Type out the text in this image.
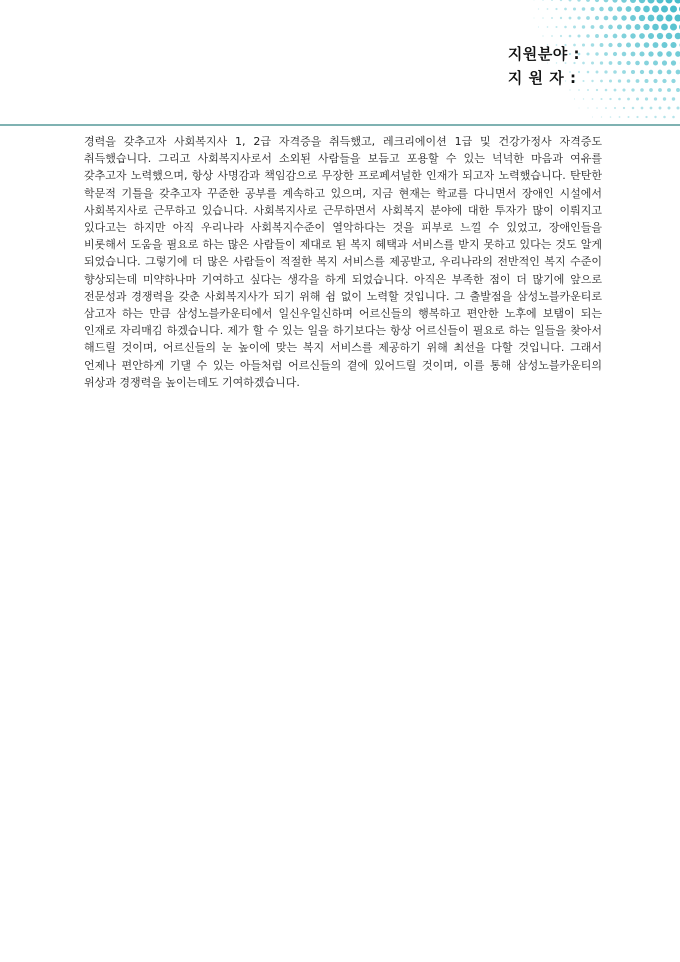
지원분야 :
지 원 자 :

경력을 갖추고자 사회복지사 1, 2급 자격증을 취득했고, 레크리에이션 1급 및 건강가정사 자격증도 취득했습니다. 그리고 사회복지사로서 소외된 사람들을 보듬고 포용할 수 있는 넉넉한 마음과 여유를 갖추고자 노력했으며, 항상 사명감과 책임감으로 무장한 프로페셔널한 인재가 되고자 노력했습니다. 탄탄한 학문적 기틀을 갖추고자 꾸준한 공부를 계속하고 있으며, 지금 현재는 학교를 다니면서 장애인 시설에서 사회복지사로 근무하고 있습니다. 사회복지사로 근무하면서 사회복지 분야에 대한 투자가 많이 이뤄지고 있다고는 하지만 아직 우리나라 사회복지수준이 열악하다는 것을 피부로 느낄 수 있었고, 장애인들을 비롯해서 도움을 필요로 하는 많은 사람들이 제대로 된 복지 혜택과 서비스를 받지 못하고 있다는 것도 알게 되었습니다. 그렇기에 더 많은 사람들이 적절한 복지 서비스를 제공받고, 우리나라의 전반적인 복지 수준이 향상되는데 미약하나마 기여하고 싶다는 생각을 하게 되었습니다. 아직은 부족한 점이 더 많기에 앞으로 전문성과 경쟁력을 갖춘 사회복지사가 되기 위해 쉼 없이 노력할 것입니다. 그 출발점을 삼성노블카운티로 삼고자 하는 만큼 삼성노블카운티에서 일신우일신하며 어르신들의 행복하고 편안한 노후에 보탬이 되는 인재로 자리매김 하겠습니다. 제가 할 수 있는 일을 하기보다는 항상 어르신들이 필요로 하는 일들을 찾아서 해드릴 것이며, 어르신들의 눈 높이에 맞는 복지 서비스를 제공하기 위해 최선을 다할 것입니다. 그래서 언제나 편안하게 기댈 수 있는 아들처럼 어르신들의 곁에 있어드릴 것이며, 이를 통해 삼성노블카운티의 위상과 경쟁력을 높이는데도 기여하겠습니다.
